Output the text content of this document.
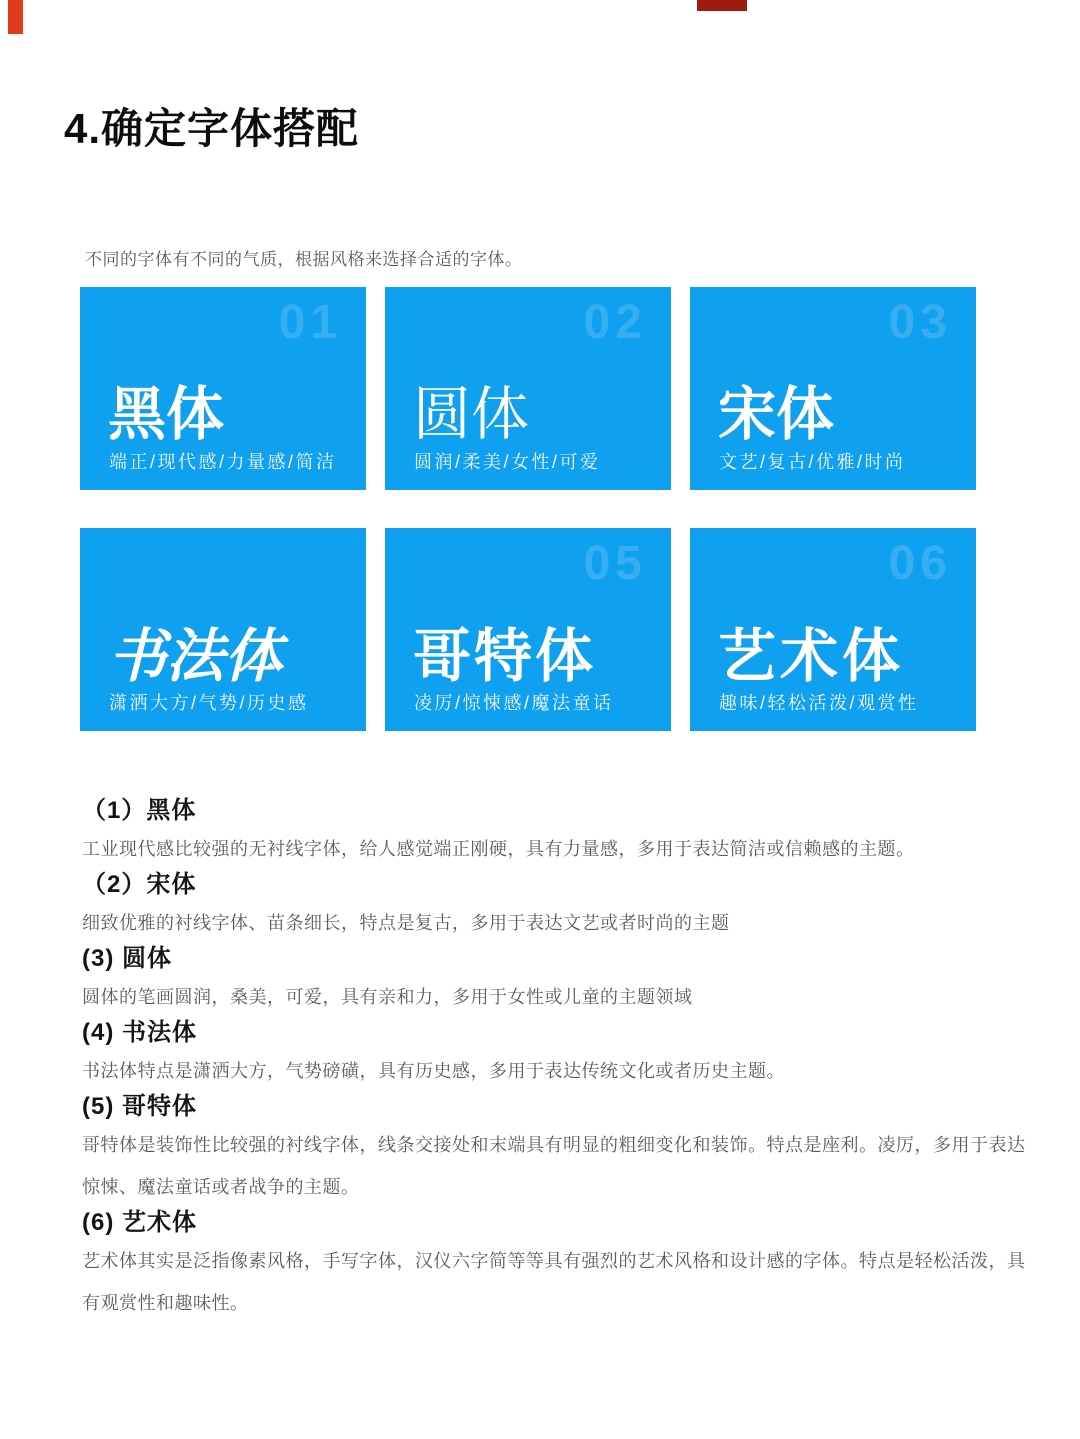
4.确定字体搭配

不同的字体有不同的气质，根据风格来选择合适的字体。

01
黑体
端正/现代感/力量感/简洁
02
圆体
圆润/柔美/女性/可爱
03
宋体
文艺/复古/优雅/时尚
书法体
潇洒大方/气势/历史感
05
哥特体
凌厉/惊悚感/魔法童话
06
艺术体
趣味/轻松活泼/观赏性
（1）黑体

工业现代感比较强的无衬线字体，给人感觉端正刚硬，具有力量感，多用于表达简洁或信赖感的主题。

（2）宋体

细致优雅的衬线字体、苗条细长，特点是复古，多用于表达文艺或者时尚的主题

(3) 圆体

圆体的笔画圆润，桑美，可爱，具有亲和力，多用于女性或儿童的主题领域

(4) 书法体

书法体特点是潇洒大方，气势磅磺，具有历史感，多用于表达传统文化或者历史主题。

(5) 哥特体

哥特体是装饰性比较强的衬线字体，线条交接处和末端具有明显的粗细变化和装饰。特点是座利。凌厉，多用于表达惊悚、魔法童话或者战争的主题。

(6) 艺术体

艺术体其实是泛指像素风格，手写字体，汉仪六字简等等具有强烈的艺术风格和设计感的字体。特点是轻松活泼，具有观赏性和趣味性。
